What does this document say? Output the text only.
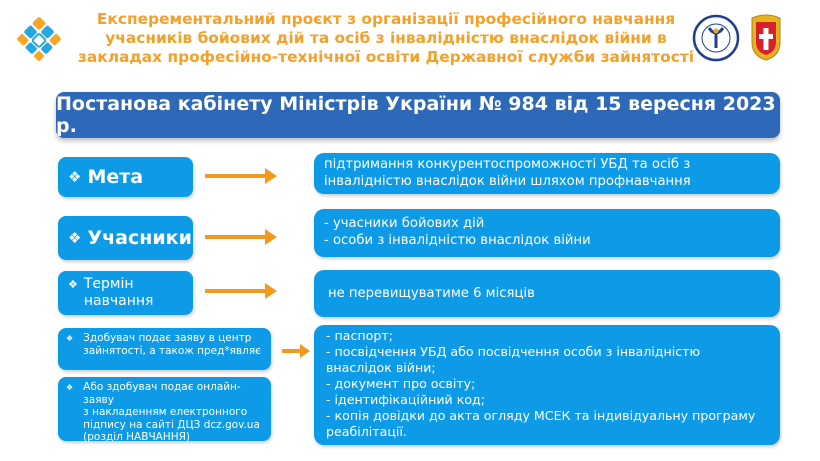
Експерементальний проєкт з організації професійного навчання
учасників бойових дій та осіб з інвалідністю внаслідок війни в
закладах професійно-технічної освіти Державної служби зайнятості
Постанова кабінету Міністрів України № 984 від 15 вересня 2023 р.
❖ Мета
підтримання конкурентоспроможності УБД та осіб з
інвалідністю внаслідок війни шляхом профнавчання
❖ Учасники
- учасники бойових дій
- особи з інвалідністю внаслідок війни
❖ Термін
навчання	не перевищуватиме 6 місяців
❖ Здобувач подає заяву в центр
зайнятості, а також пред*являє
❖ Або здобувач подає онлайн-заяву
з накладенням електронного
підпису на сайті ДЦЗ dcz.gov.ua
(розділ НАВЧАННЯ)
- паспорт;
- посвідчення УБД або посвідчення особи з інвалідністю
внаслідок війни;
- документ про освіту;
- ідентифікаційний код;
- копія довідки до акта огляду МСЕК та індивідуальну програму
реабілітації.
